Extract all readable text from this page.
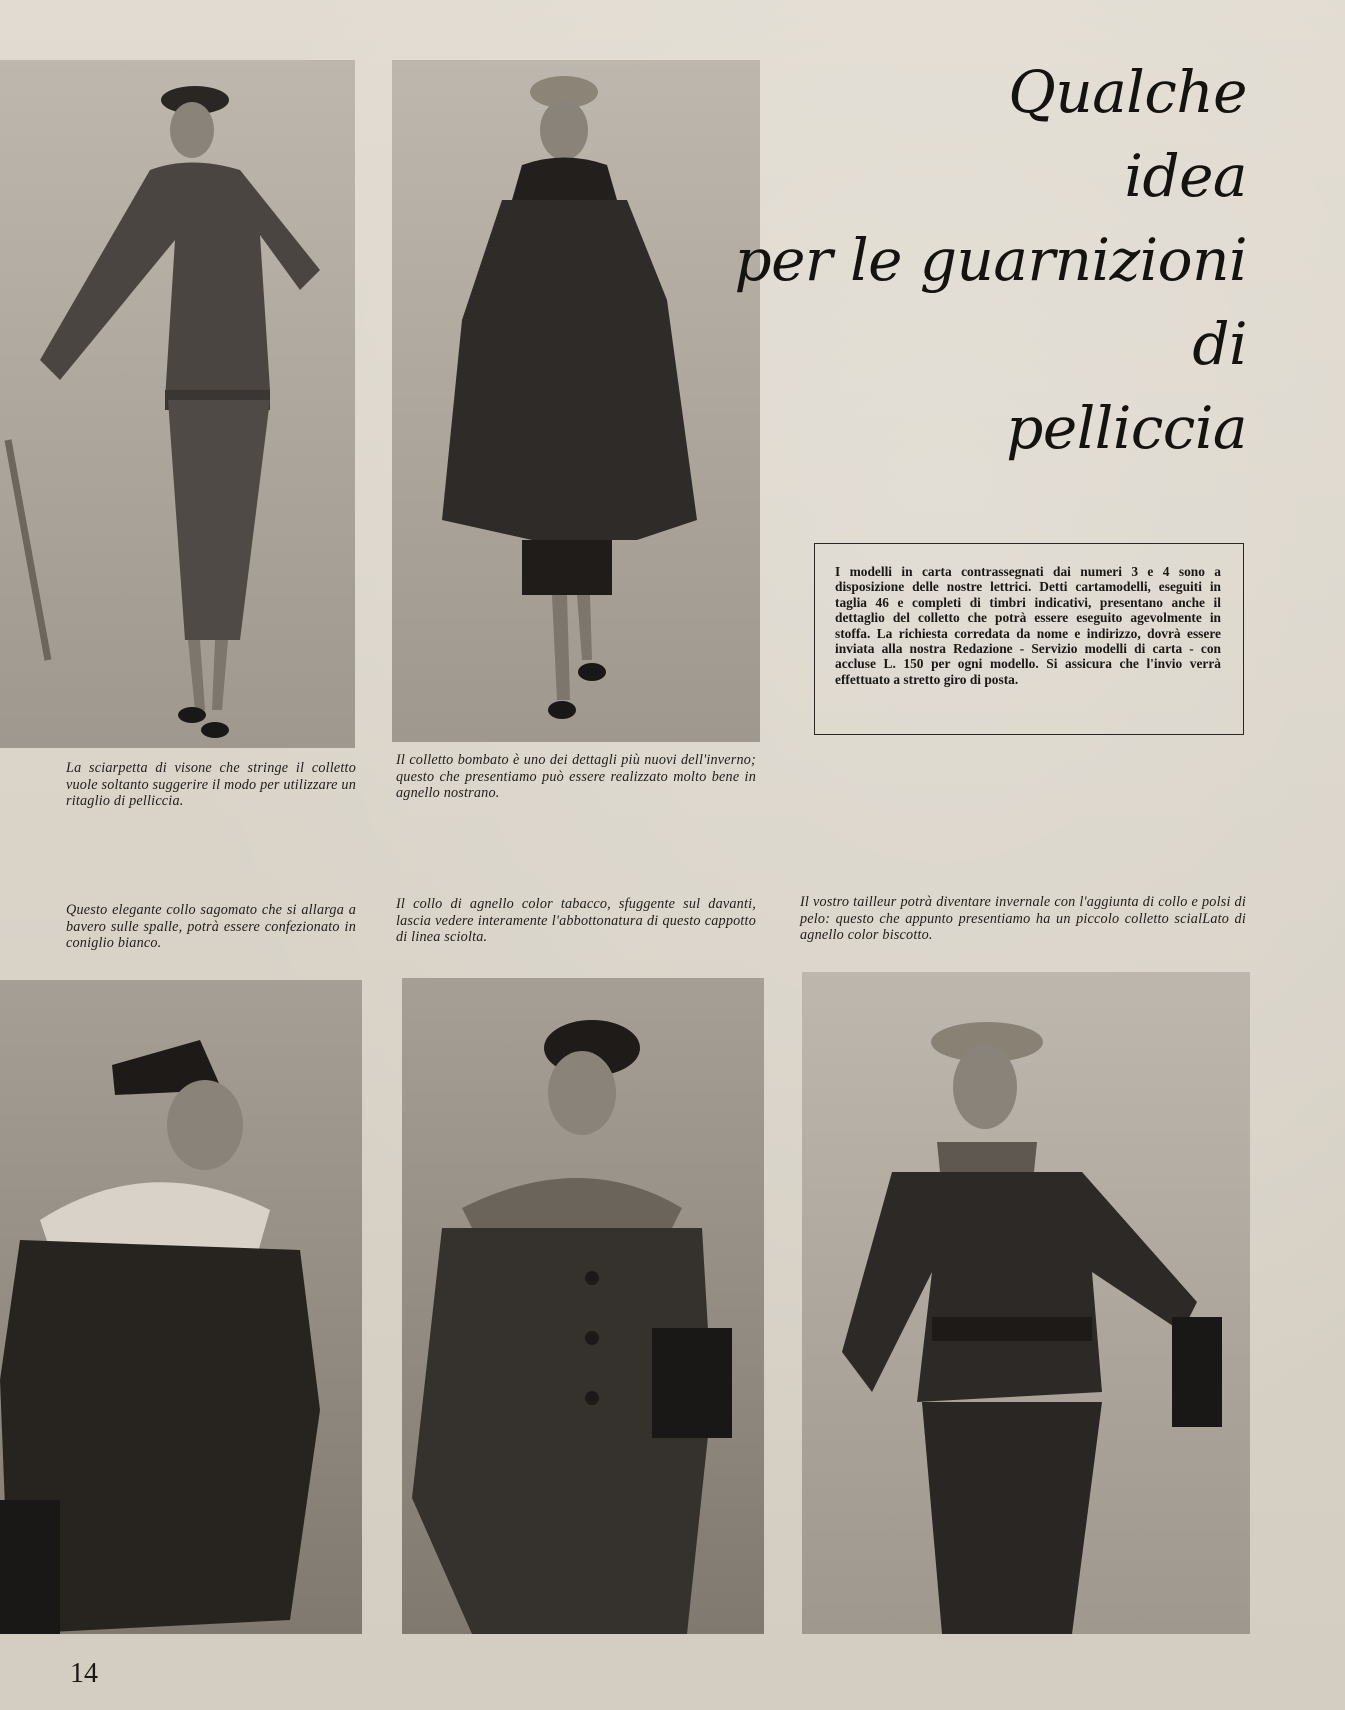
Qualche
idea
per le guarnizioni
di
pelliccia
I modelli in carta contrassegnati dai numeri 3 e 4 sono a disposizione delle nostre lettrici. Detti cartamodelli, eseguiti in taglia 46 e completi di timbri indicativi, presentano anche il dettaglio del colletto che potrà essere eseguito agevolmente in stoffa. La richiesta corredata da nome e indirizzo, dovrà essere inviata alla nostra Redazione - Servizio modelli di carta - con accluse L. 150 per ogni modello. Si assicura che l'invio verrà effettuato a stretto giro di posta.
La sciarpetta di visone che stringe il colletto vuole soltanto suggerire il modo per utilizzare un ritaglio di pelliccia.
Il colletto bombato è uno dei dettagli più nuovi dell'inverno; questo che presentiamo può essere realizzato molto bene in agnello nostrano.
Questo elegante collo sagomato che si allarga a bavero sulle spalle, potrà essere confezionato in coniglio bianco.
Il collo di agnello color tabacco, sfuggente sul davanti, lascia vedere interamente l'abbottonatura di questo cappotto di linea sciolta.
Il vostro tailleur potrà diventare invernale con l'aggiunta di collo e polsi di pelo: questo che appunto presentiamo ha un piccolo colletto scialLato di agnello color biscotto.
14
